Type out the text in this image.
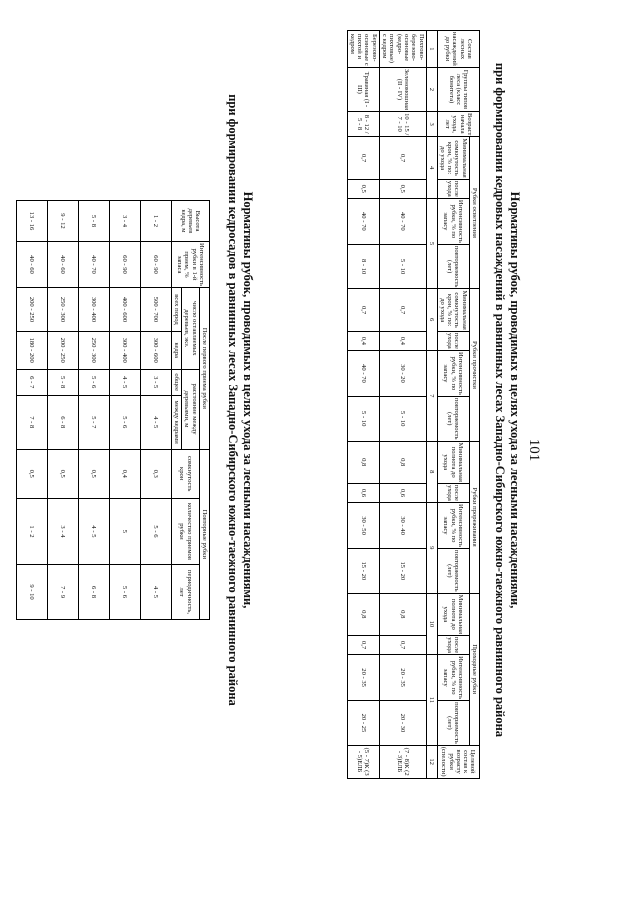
101
Нормативы рубок, проводимых в целях ухода за лесными насаждениями,
при формировании кедровых насаждений в равнинных лесах Западно-Сибирского южно-таежного равнинного района
Состав лесных насаждений до рубки	Группы типов леса (класс бонитета)	Возраст начала ухода, лет	Рубки осветления				Рубки прочистки				Рубки прореживания				Проходные рубки				Целевой состав к возрасту рубки (спелости)
			Минимальная сомкнутость крон, % по: до ухода	после ухода	Интенсивность рубки, % по запасу	повторяемость (лет)	Минимальная сомкнутость крон, % по: до ухода	после ухода	Интенсивность рубки, % по запасу	повторяемость (лет)	Минимальная полнота до ухода	после ухода	Интенсивность рубки, % по запасу	повторяемость (лет)	Минимальная полнота до ухода	после ухода	Интенсивность рубки, % по запасу	повторяемость (лет)	
1	2	3	4		5		6		7		8		9		10		11		12
Пихтово-березово-осиновые (кедро-пихтовые) с кедром	Зеленомошная (II - IV)	10 - 15 / 7 - 10	0,7	0,5	40 - 70	5 - 10	0,7	0,4	30 - 20	5 - 10	0,8	0,6	30 - 40	15 - 20	0,8	0,7	20 - 35	20 - 30	(7 - 8)К (2 - 3)ЕЛБ
Березово-осиновые с пихтой и кедром	Травяная (I - III)	8 - 12 / 5 - 8	0,7	0,5	40 - 70	8 - 10	0,7	0,4	40 - 70	5 - 10	0,8	0,6	30 - 50	15 - 20	0,8	0,7	20 - 35	20 - 25	(5 - 7)К (3 - 5)ЕЛБ
Нормативы рубок, проводимых в целях ухода за лесными насаждениями,
при формировании кедросадов в равнинных лесах Западно-Сибирского южно-таежного равнинного района
Высота деревьев кедра, м	Интенсивность рубки в 1-й прием, % запаса	После первого приема рубки				Повторные рубки		
		число оставляемых деревьев, экз.		расстояние между деревьями, м		сомкнутость крон	количество приемов рубки	периодичность, лет
		всех пород	кедра	общее	между кедрами			
1 - 2	60 - 90	500 - 700	300 - 600	3 - 5	4 - 5	0,3	5 - 6	4 - 5
3 - 4	60 - 90	400 - 600	300 - 400	4 - 5	5 - 6	0,4	5	5 - 6
5 - 8	40 - 70	300 - 400	250 - 300	5 - 6	5 - 7	0,5	4 - 5	6 - 8
9 - 12	40 - 60	250 - 300	200 - 250	5 - 8	6 - 8	0,5	3 - 4	7 - 9
13 - 16	40 - 60	200 - 250	180 - 200	6 - 7	7 - 8	0,5	1 - 2	9 - 10
